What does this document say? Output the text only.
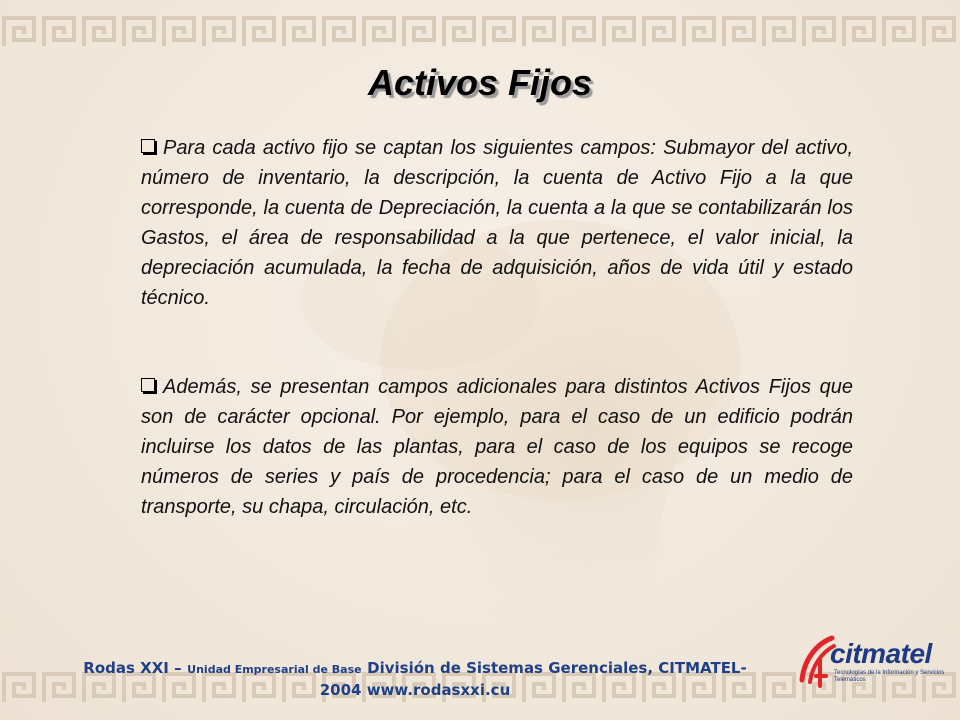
Activos Fijos

Para cada activo fijo se captan los siguientes campos: Submayor del activo, número de inventario, la descripción, la cuenta de Activo Fijo a la que corresponde, la cuenta de Depreciación, la cuenta a la que se contabilizarán los Gastos, el área de responsabilidad a la que pertenece, el valor inicial, la depreciación acumulada, la fecha de adquisición, años de vida útil y estado técnico.

Además, se presentan campos adicionales para distintos Activos Fijos que son de carácter opcional. Por ejemplo, para el caso de un edificio podrán incluirse los datos de las plantas, para el caso de los equipos se recoge números de series y país de procedencia; para el caso de un medio de transporte, su chapa, circulación, etc.

Rodas XXI – Unidad Empresarial de Base División de Sistemas Gerenciales, CITMATEL-
2004 www.rodasxxi.cu
citmatel
Tecnologías de la Información y Servicios Telemáticos
